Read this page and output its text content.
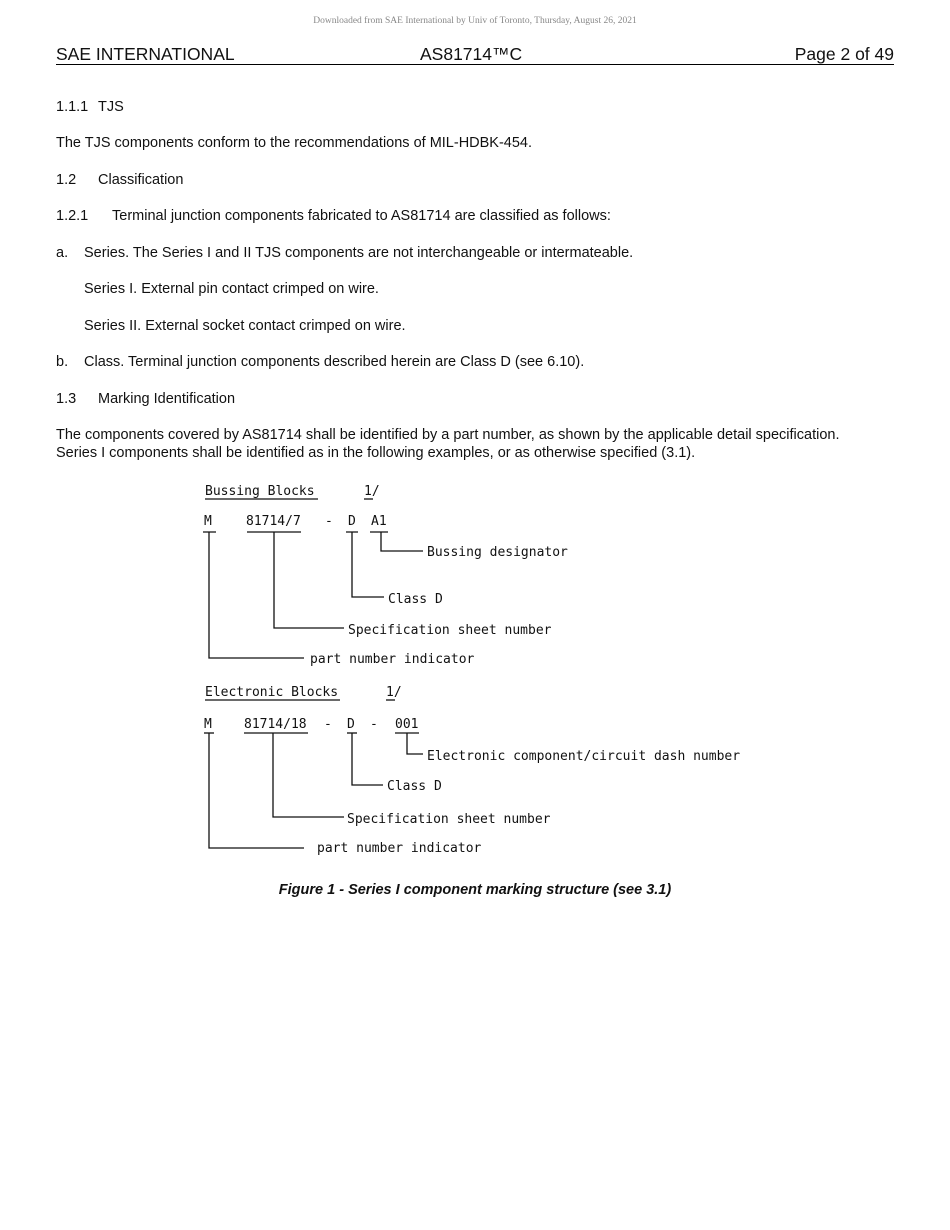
Downloaded from SAE International by Univ of Toronto, Thursday, August 26, 2021
SAE INTERNATIONAL	AS81714™C	Page 2 of 49
1.1.1 TJS
The TJS components conform to the recommendations of MIL-HDBK-454.
1.2 Classification
1.2.1 Terminal junction components fabricated to AS81714 are classified as follows:
a. Series. The Series I and II TJS components are not interchangeable or intermateable.
Series I. External pin contact crimped on wire.
Series II. External socket contact crimped on wire.
b. Class. Terminal junction components described herein are Class D (see 6.10).
1.3 Marking Identification
The components covered by AS81714 shall be identified by a part number, as shown by the applicable detail specification.
Series I components shall be identified as in the following examples, or as otherwise specified (3.1).
Bussing Blocks	1/
M	81714/7 - D A1
Bussing designator
Class D
Specification sheet number
part number indicator
Electronic Blocks	1/
M 81714/18 - D - 001
Electronic component/circuit dash number
Class D
Specification sheet number
part number indicator
Figure 1 - Series I component marking structure (see 3.1)
